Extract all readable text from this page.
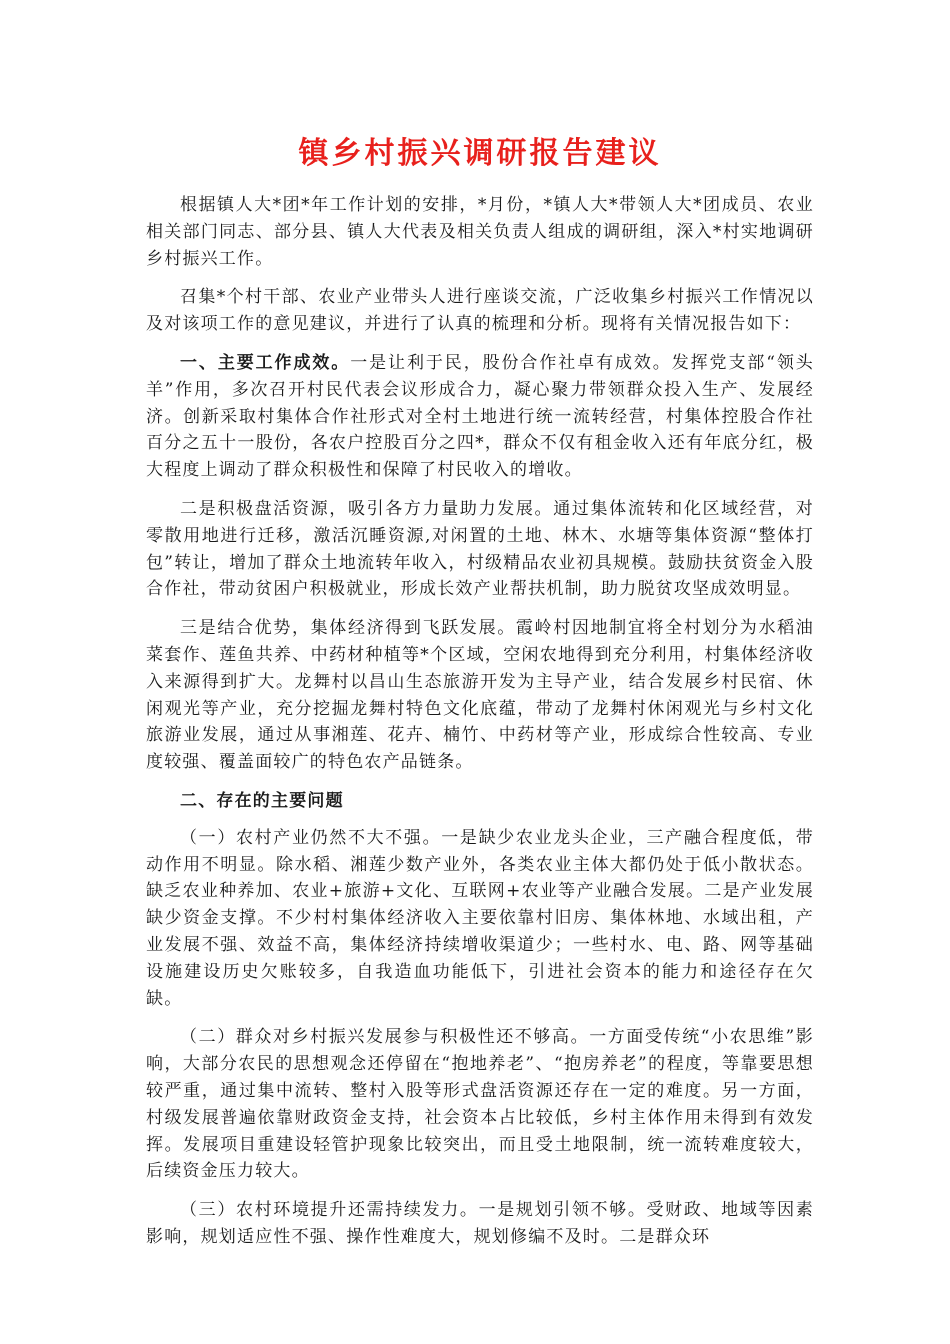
镇乡村振兴调研报告建议

根据镇人大*团*年工作计划的安排，*月份，*镇人大*带领人大*团成员、农业相关部门同志、部分县、镇人大代表及相关负责人组成的调研组，深入*村实地调研乡村振兴工作。

召集*个村干部、农业产业带头人进行座谈交流，广泛收集乡村振兴工作情况以及对该项工作的意见建议，并进行了认真的梳理和分析。现将有关情况报告如下：

一、主要工作成效。一是让利于民，股份合作社卓有成效。发挥党支部“领头羊”作用，多次召开村民代表会议形成合力，凝心聚力带领群众投入生产、发展经济。创新采取村集体合作社形式对全村土地进行统一流转经营，村集体控股合作社百分之五十一股份，各农户控股百分之四*，群众不仅有租金收入还有年底分红，极大程度上调动了群众积极性和保障了村民收入的增收。

二是积极盘活资源，吸引各方力量助力发展。通过集体流转和化区域经营，对零散用地进行迁移，激活沉睡资源,对闲置的土地、林木、水塘等集体资源“整体打包”转让，增加了群众土地流转年收入，村级精品农业初具规模。鼓励扶贫资金入股合作社，带动贫困户积极就业，形成长效产业帮扶机制，助力脱贫攻坚成效明显。

三是结合优势，集体经济得到飞跃发展。霞岭村因地制宜将全村划分为水稻油菜套作、莲鱼共养、中药材种植等*个区域，空闲农地得到充分利用，村集体经济收入来源得到扩大。龙舞村以昌山生态旅游开发为主导产业，结合发展乡村民宿、休闲观光等产业，充分挖掘龙舞村特色文化底蕴，带动了龙舞村休闲观光与乡村文化旅游业发展，通过从事湘莲、花卉、楠竹、中药材等产业，形成综合性较高、专业度较强、覆盖面较广的特色农产品链条。

二、存在的主要问题

（一）农村产业仍然不大不强。一是缺少农业龙头企业，三产融合程度低，带动作用不明显。除水稻、湘莲少数产业外，各类农业主体大都仍处于低小散状态。缺乏农业种养加、农业+旅游+文化、互联网+农业等产业融合发展。二是产业发展缺少资金支撑。不少村村集体经济收入主要依靠村旧房、集体林地、水域出租，产业发展不强、效益不高，集体经济持续增收渠道少；一些村水、电、路、网等基础设施建设历史欠账较多，自我造血功能低下，引进社会资本的能力和途径存在欠缺。

（二）群众对乡村振兴发展参与积极性还不够高。一方面受传统“小农思维”影响，大部分农民的思想观念还停留在“抱地养老”、“抱房养老”的程度，等靠要思想较严重，通过集中流转、整村入股等形式盘活资源还存在一定的难度。另一方面，村级发展普遍依靠财政资金支持，社会资本占比较低，乡村主体作用未得到有效发挥。发展项目重建设轻管护现象比较突出，而且受土地限制，统一流转难度较大，后续资金压力较大。

（三）农村环境提升还需持续发力。一是规划引领不够。受财政、地域等因素影响，规划适应性不强、操作性难度大，规划修编不及时。二是群众环
